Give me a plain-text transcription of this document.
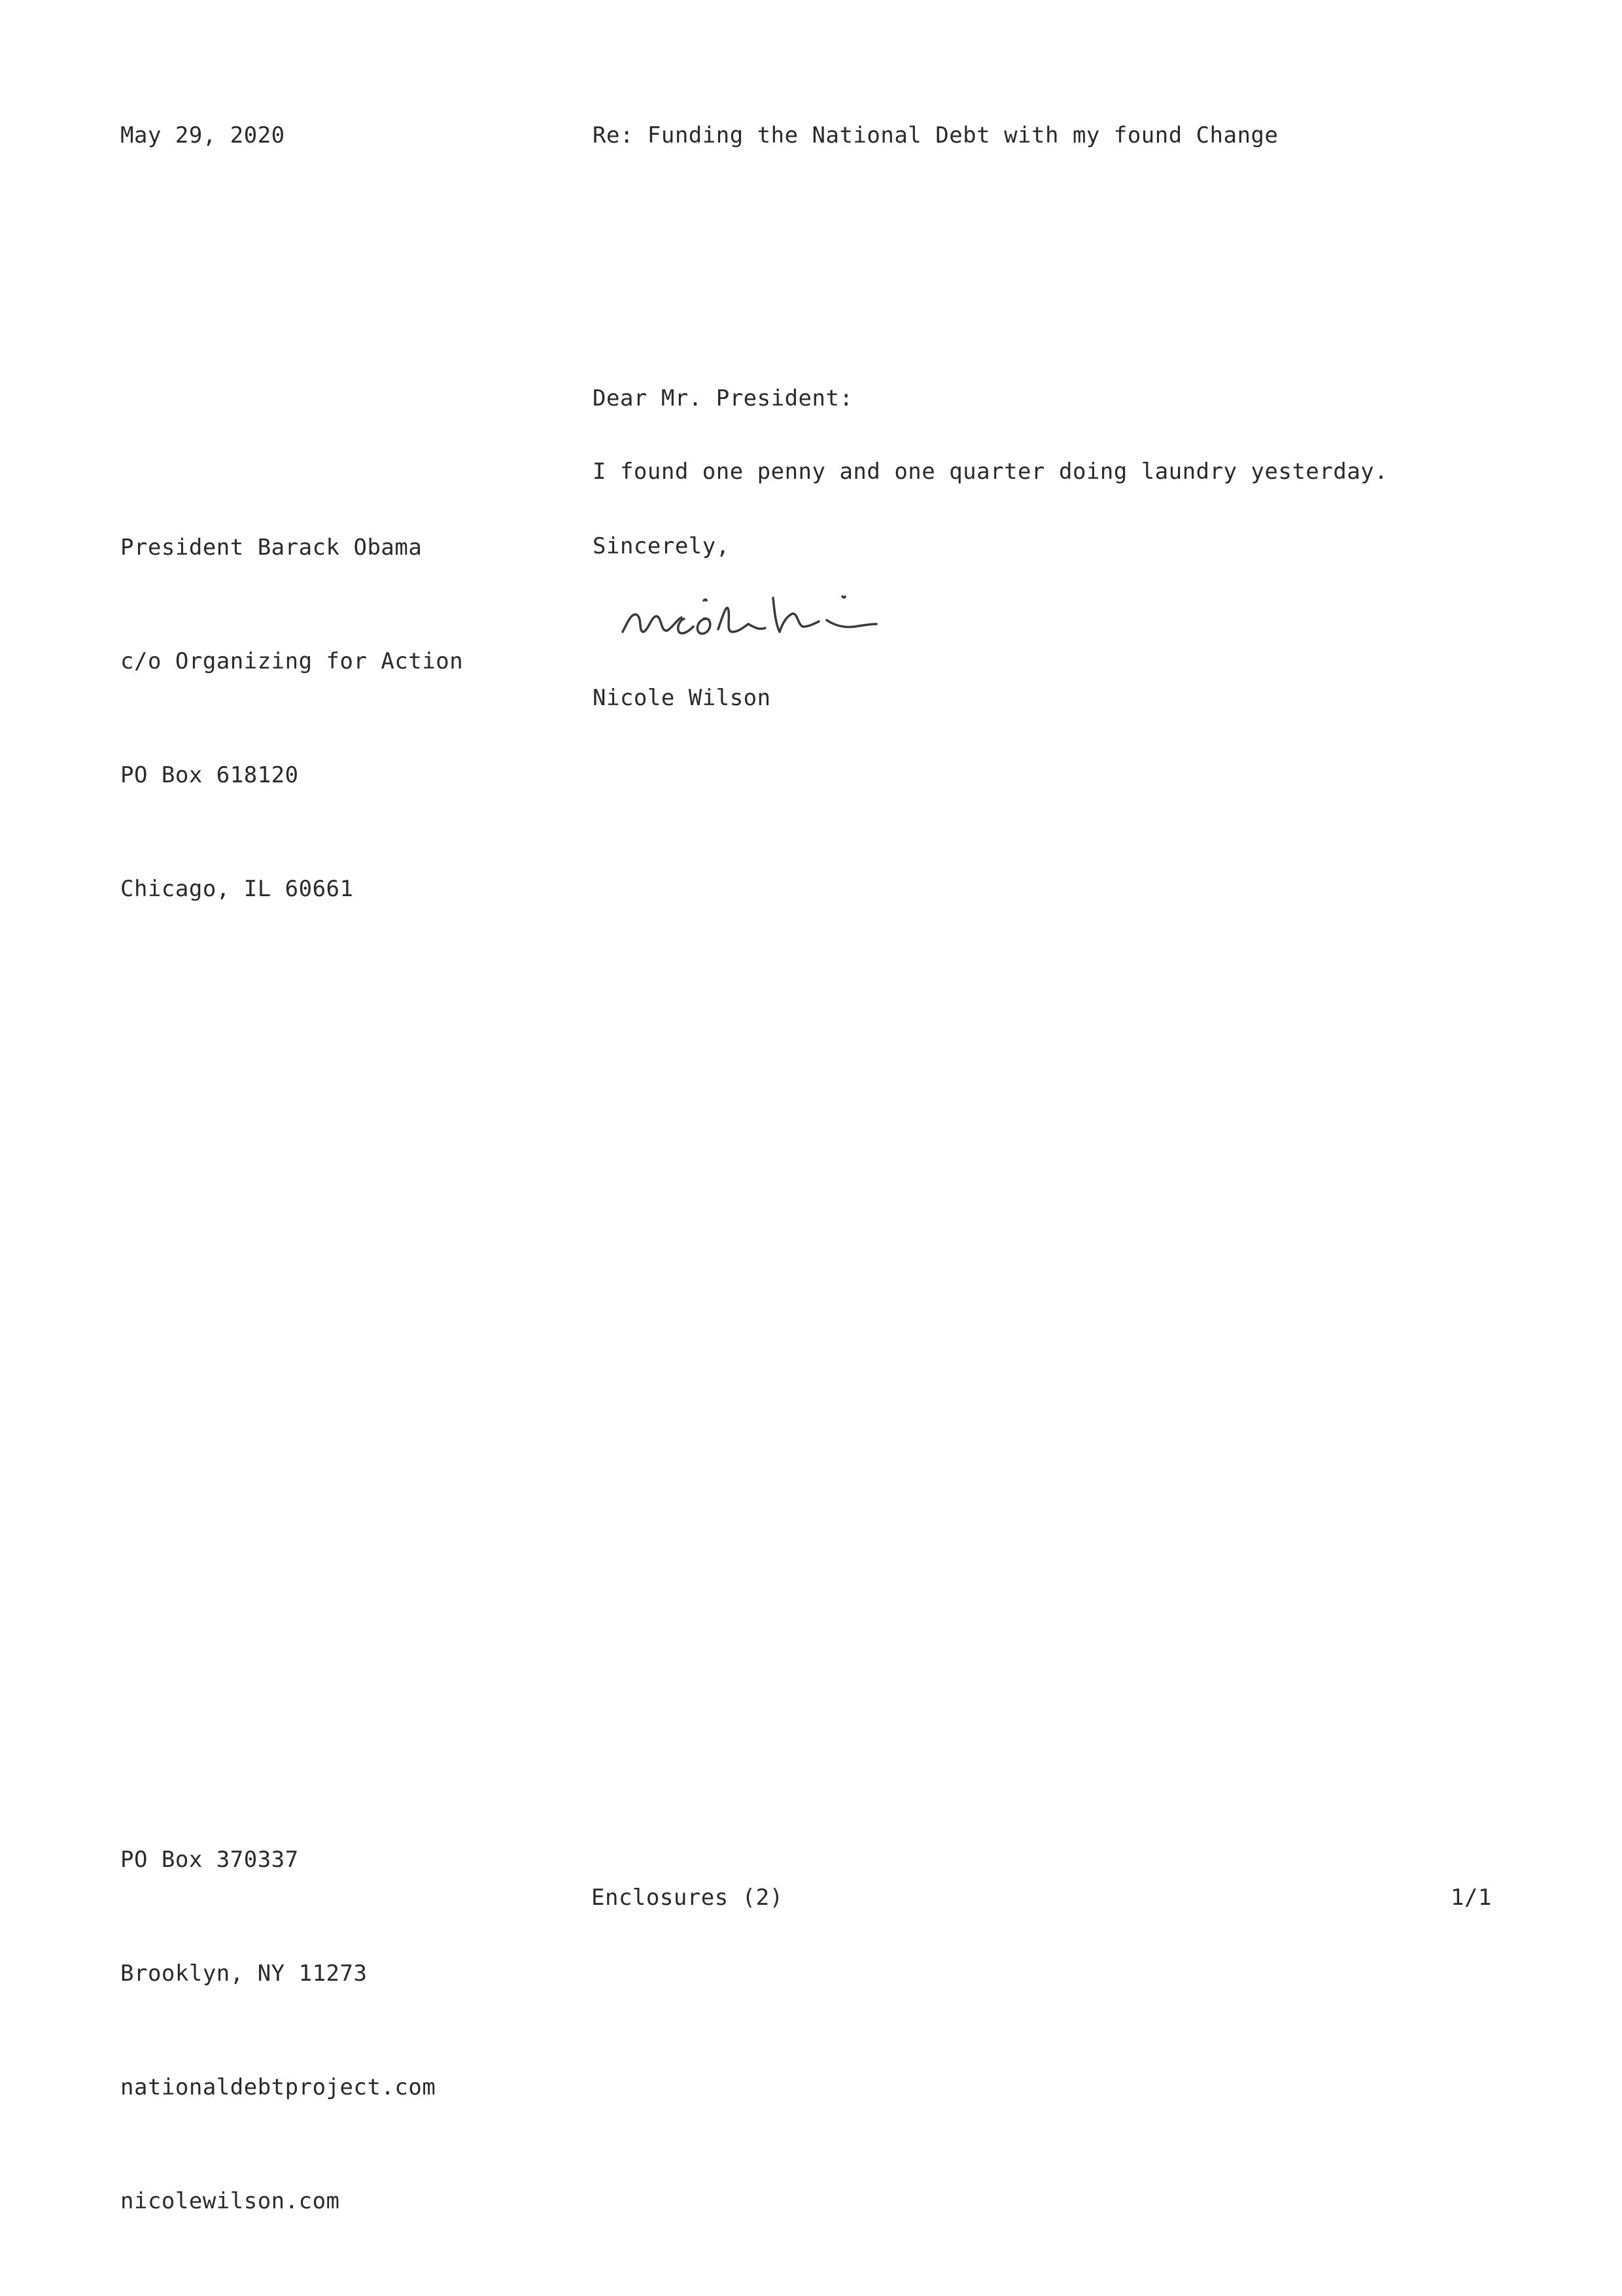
May 29, 2020	Re: Funding the National Debt with my found Change
Dear Mr. President:

President Barack Obama

c/o Organizing for Action

PO Box 618120

Chicago, IL 60661

I found one penny and one quarter doing laundry yesterday.
Sincerely,
Nicole Wilson

PO Box 370337

Brooklyn, NY 11273

nationaldebtproject.com

nicolewilson.com

Enclosures (2)	1/1
